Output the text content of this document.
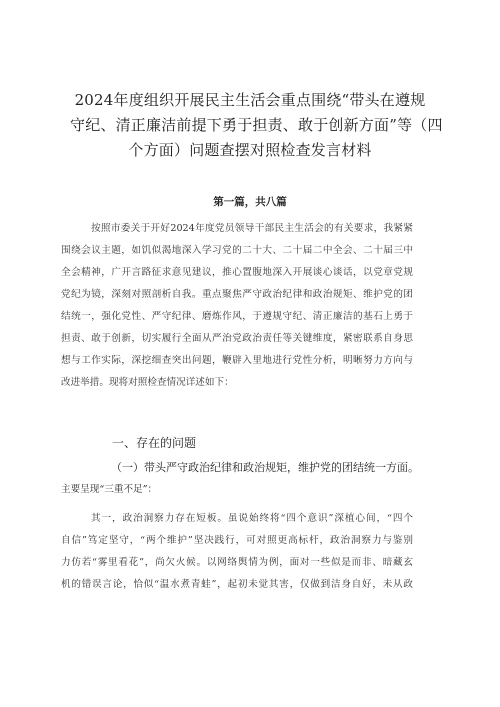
2024年度组织开展民主生活会重点围绕“带头在遵规
守纪、清正廉洁前提下勇于担责、敢于创新方面”等（四
个方面）问题查摆对照检查发言材料
第一篇，共八篇
按照市委关于开好2024年度党员领导干部民主生活会的有关要求，我紧紧
围绕会议主题，如饥似渴地深入学习党的二十大、二十届二中全会、二十届三中
全会精神，广开言路征求意见建议，推心置腹地深入开展谈心谈话，以党章党规
党纪为镜，深刻对照剖析自我。重点聚焦严守政治纪律和政治规矩、维护党的团
结统一，强化党性、严守纪律、磨炼作风，于遵规守纪、清正廉洁的基石上勇于
担责、敢于创新，切实履行全面从严治党政治责任等关键维度，紧密联系自身思
想与工作实际，深挖细查突出问题，鞭辟入里地进行党性分析，明晰努力方向与
改进举措。现将对照检查情况详述如下：
一、存在的问题
（一）带头严守政治纪律和政治规矩，维护党的团结统一方面。
主要呈现“三重不足”：
其一，政治洞察力存在短板。虽说始终将“四个意识”深植心间，“四个
自信”笃定坚守，“两个维护”坚决践行，可对照更高标杆，政治洞察力与鉴别
力仿若“雾里看花”，尚欠火候。以网络舆情为例，面对一些似是而非、暗藏玄
机的错误言论，恰似“温水煮青蛙”，起初未觉其害，仅做到洁身自好，未从政
